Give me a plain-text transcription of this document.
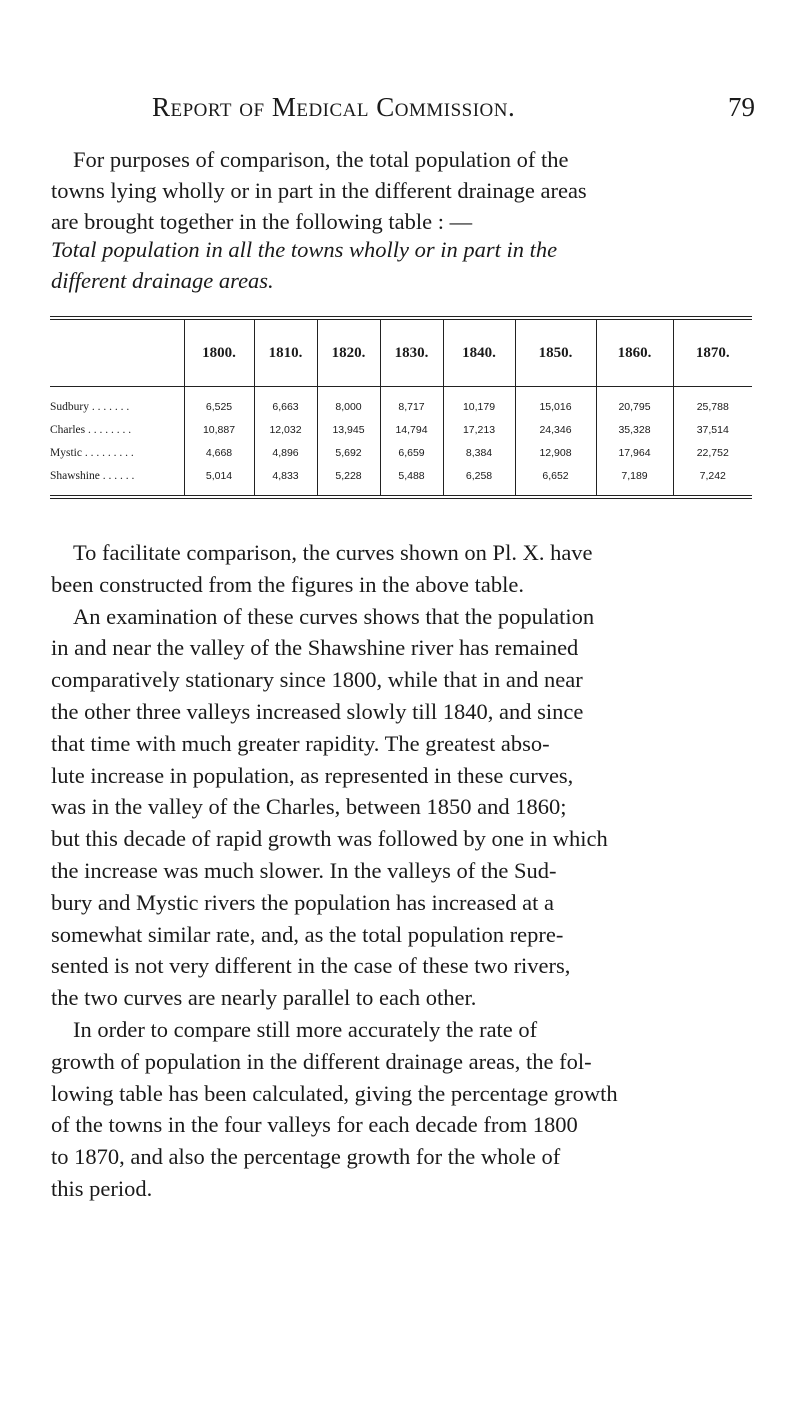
Report of Medical Commission.	79
For purposes of comparison, the total population of the
towns lying wholly or in part in the different drainage areas
are brought together in the following table : —
Total population in all the towns wholly or in part in the
different drainage areas.
	1800.	1810.	1820.	1830.	1840.	1850.	1860.	1870.
Sudbury . . . . . . .	6,525	6,663	8,000	8,717	10,179	15,016	20,795	25,788
Charles . . . . . . . .	10,887	12,032	13,945	14,794	17,213	24,346	35,328	37,514
Mystic . . . . . . . . .	4,668	4,896	5,692	6,659	8,384	12,908	17,964	22,752
Shawshine . . . . . .	5,014	4,833	5,228	5,488	6,258	6,652	7,189	7,242
To facilitate comparison, the curves shown on Pl. X. have
been constructed from the figures in the above table.
An examination of these curves shows that the population
in and near the valley of the Shawshine river has remained
comparatively stationary since 1800, while that in and near
the other three valleys increased slowly till 1840, and since
that time with much greater rapidity. The greatest abso-
lute increase in population, as represented in these curves,
was in the valley of the Charles, between 1850 and 1860;
but this decade of rapid growth was followed by one in which
the increase was much slower. In the valleys of the Sud-
bury and Mystic rivers the population has increased at a
somewhat similar rate, and, as the total population repre-
sented is not very different in the case of these two rivers,
the two curves are nearly parallel to each other.
In order to compare still more accurately the rate of
growth of population in the different drainage areas, the fol-
lowing table has been calculated, giving the percentage growth
of the towns in the four valleys for each decade from 1800
to 1870, and also the percentage growth for the whole of
this period.
